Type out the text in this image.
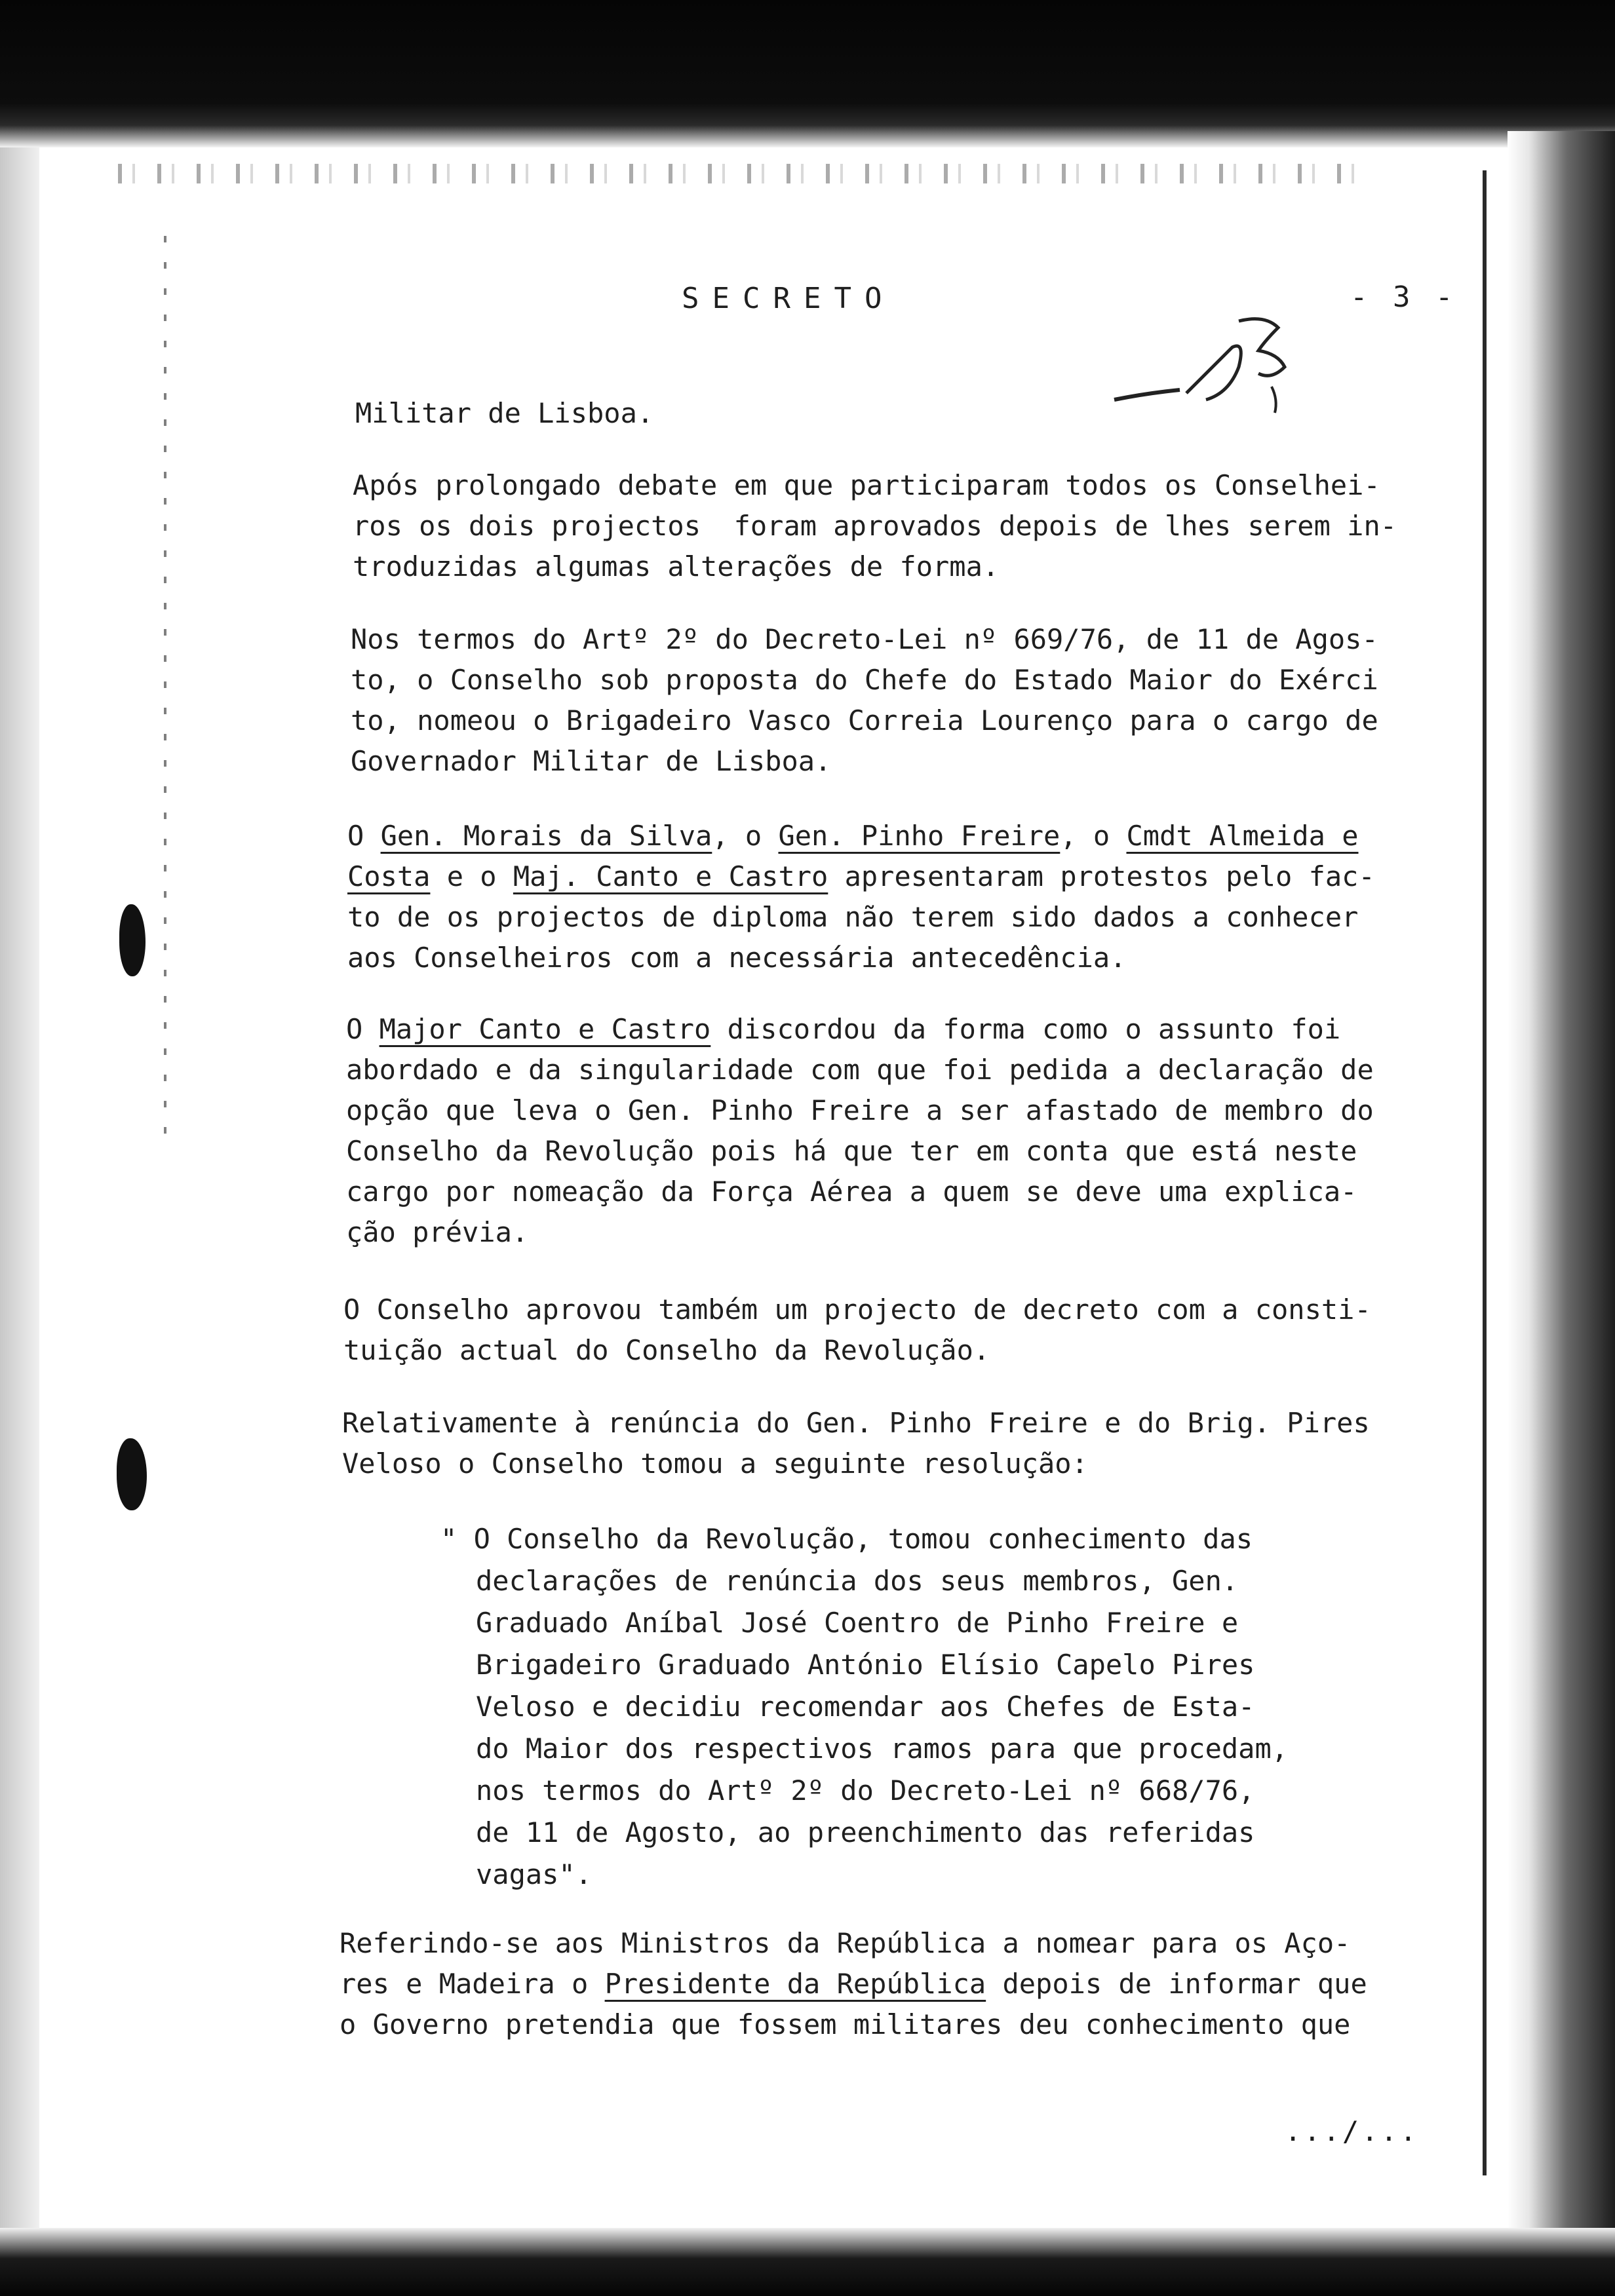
SECRETO	- 3 -
Militar de Lisboa.
Após prolongado debate em que participaram todos os Conselhei-
ros os dois projectos  foram aprovados depois de lhes serem in-
troduzidas algumas alterações de forma.
Nos termos do Artº 2º do Decreto-Lei nº 669/76, de 11 de Agos-
to, o Conselho sob proposta do Chefe do Estado Maior do Exérci
to, nomeou o Brigadeiro Vasco Correia Lourenço para o cargo de
Governador Militar de Lisboa.
O Gen. Morais da Silva, o Gen. Pinho Freire, o Cmdt Almeida e
Costa e o Maj. Canto e Castro apresentaram protestos pelo fac-
to de os projectos de diploma não terem sido dados a conhecer
aos Conselheiros com a necessária antecedência.
O Major Canto e Castro discordou da forma como o assunto foi
abordado e da singularidade com que foi pedida a declaração de
opção que leva o Gen. Pinho Freire a ser afastado de membro do
Conselho da Revolução pois há que ter em conta que está neste
cargo por nomeação da Força Aérea a quem se deve uma explica-
ção prévia.
O Conselho aprovou também um projecto de decreto com a consti-
tuição actual do Conselho da Revolução.
Relativamente à renúncia do Gen. Pinho Freire e do Brig. Pires
Veloso o Conselho tomou a seguinte resolução:
" O Conselho da Revolução, tomou conhecimento das
declarações de renúncia dos seus membros, Gen.
Graduado Aníbal José Coentro de Pinho Freire e
Brigadeiro Graduado António Elísio Capelo Pires
Veloso e decidiu recomendar aos Chefes de Esta-
do Maior dos respectivos ramos para que procedam,
nos termos do Artº 2º do Decreto-Lei nº 668/76,
de 11 de Agosto, ao preenchimento das referidas
vagas".
Referindo-se aos Ministros da República a nomear para os Aço-
res e Madeira o Presidente da República depois de informar que
o Governo pretendia que fossem militares deu conhecimento que
.../...
